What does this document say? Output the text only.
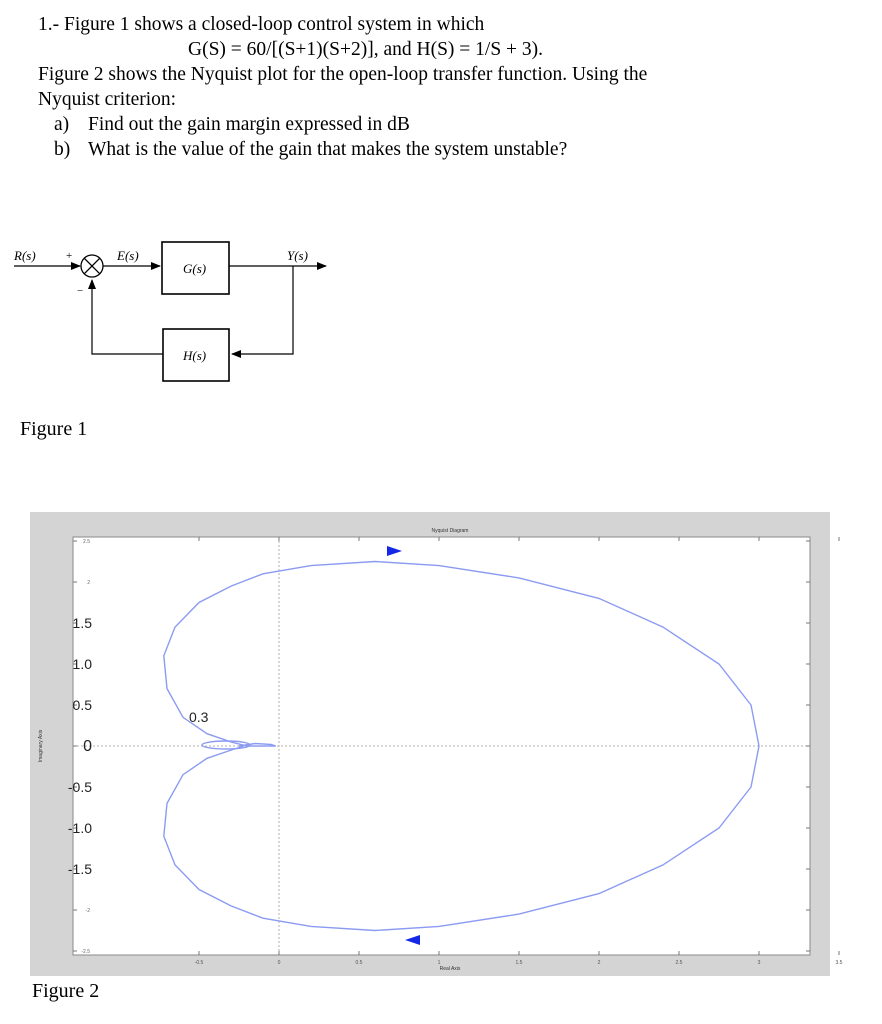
1.- Figure 1 shows a closed-loop control system in which
G(S) = 60/[(S+1)(S+2)], and H(S) = 1/S + 3).
Figure 2 shows the Nyquist plot for the open-loop transfer function. Using the
Nyquist criterion:
a) Find out the gain margin expressed in dB
b) What is the value of the gain that makes the system unstable?
R(s)	+
−
E(s)
G(s)
Y(s)
H(s)
Figure 1
Nyquist Diagram
Real Axis
Imaginary Axis
0.3
1.5
1.0
0.5
0
-0.5
-1.0
-1.5
2.5
2
-2
-2.5
-0.5	0	0.5	1	1.5	2	2.5	3	3.5
Figure 2
